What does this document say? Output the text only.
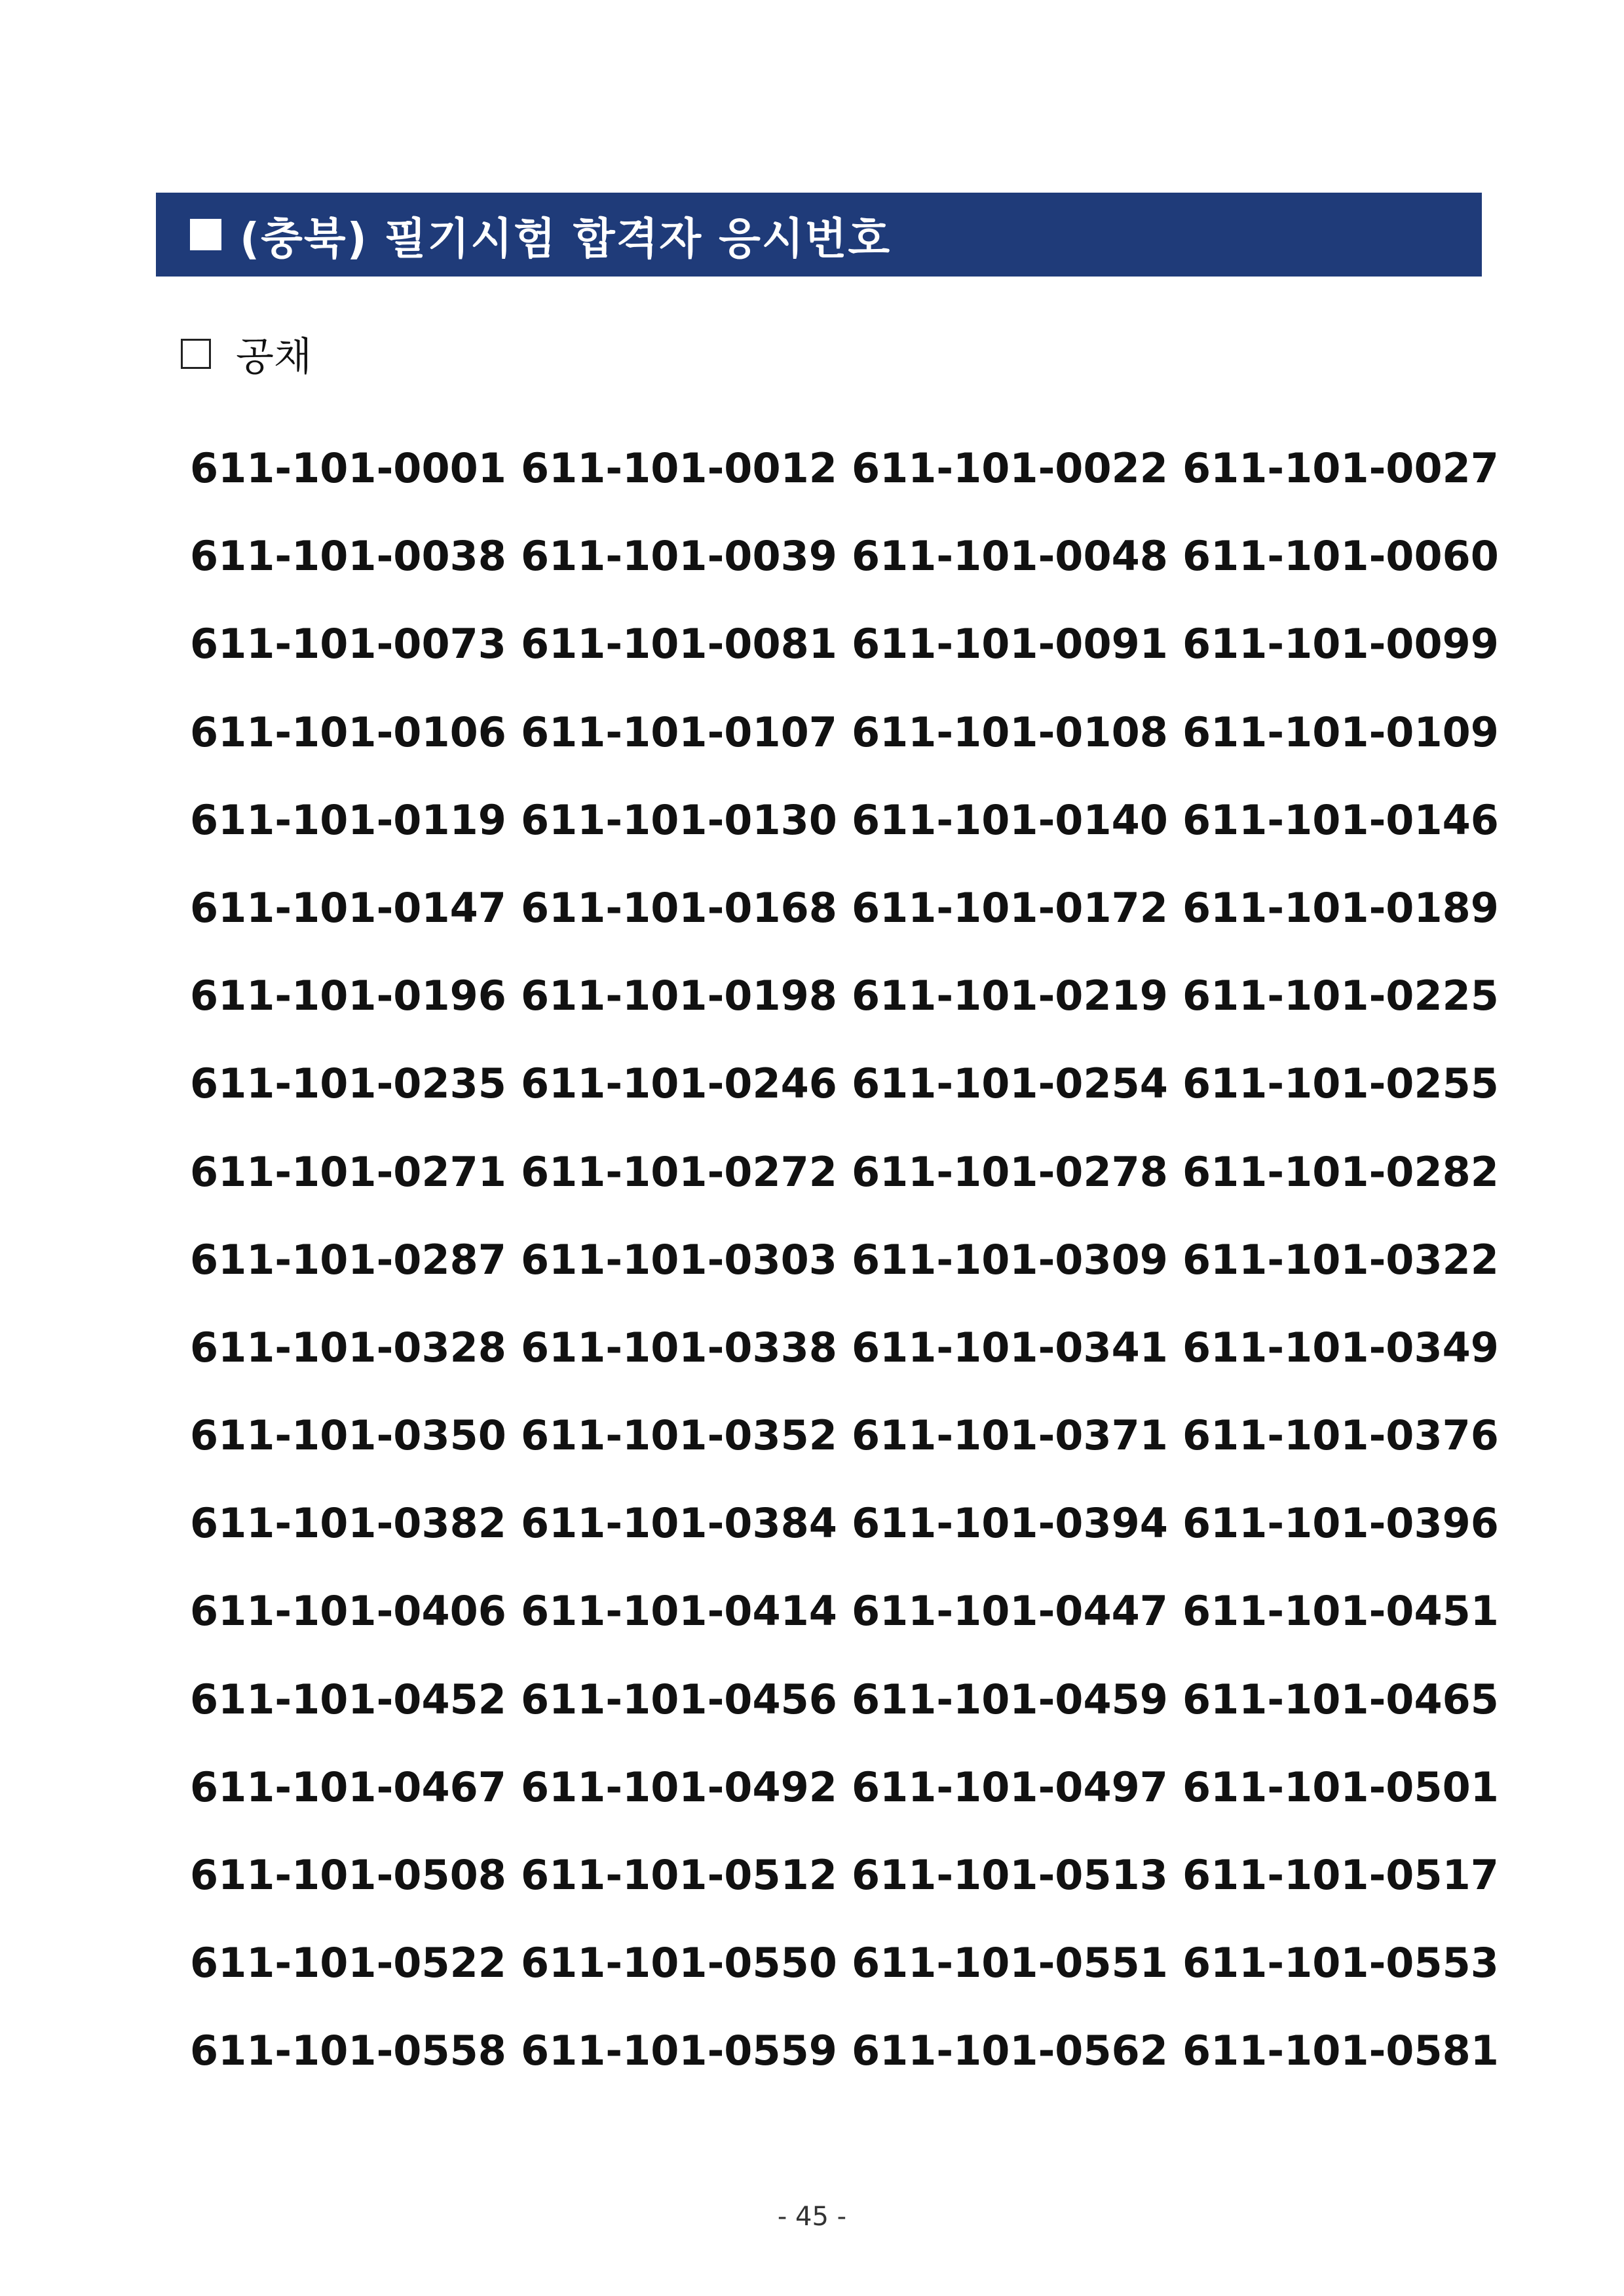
(충북) 필기시험 합격자 응시번호
공채
611-101-0001 611-101-0012 611-101-0022 611-101-0027
611-101-0038 611-101-0039 611-101-0048 611-101-0060
611-101-0073 611-101-0081 611-101-0091 611-101-0099
611-101-0106 611-101-0107 611-101-0108 611-101-0109
611-101-0119 611-101-0130 611-101-0140 611-101-0146
611-101-0147 611-101-0168 611-101-0172 611-101-0189
611-101-0196 611-101-0198 611-101-0219 611-101-0225
611-101-0235 611-101-0246 611-101-0254 611-101-0255
611-101-0271 611-101-0272 611-101-0278 611-101-0282
611-101-0287 611-101-0303 611-101-0309 611-101-0322
611-101-0328 611-101-0338 611-101-0341 611-101-0349
611-101-0350 611-101-0352 611-101-0371 611-101-0376
611-101-0382 611-101-0384 611-101-0394 611-101-0396
611-101-0406 611-101-0414 611-101-0447 611-101-0451
611-101-0452 611-101-0456 611-101-0459 611-101-0465
611-101-0467 611-101-0492 611-101-0497 611-101-0501
611-101-0508 611-101-0512 611-101-0513 611-101-0517
611-101-0522 611-101-0550 611-101-0551 611-101-0553
611-101-0558 611-101-0559 611-101-0562 611-101-0581
- 45 -
